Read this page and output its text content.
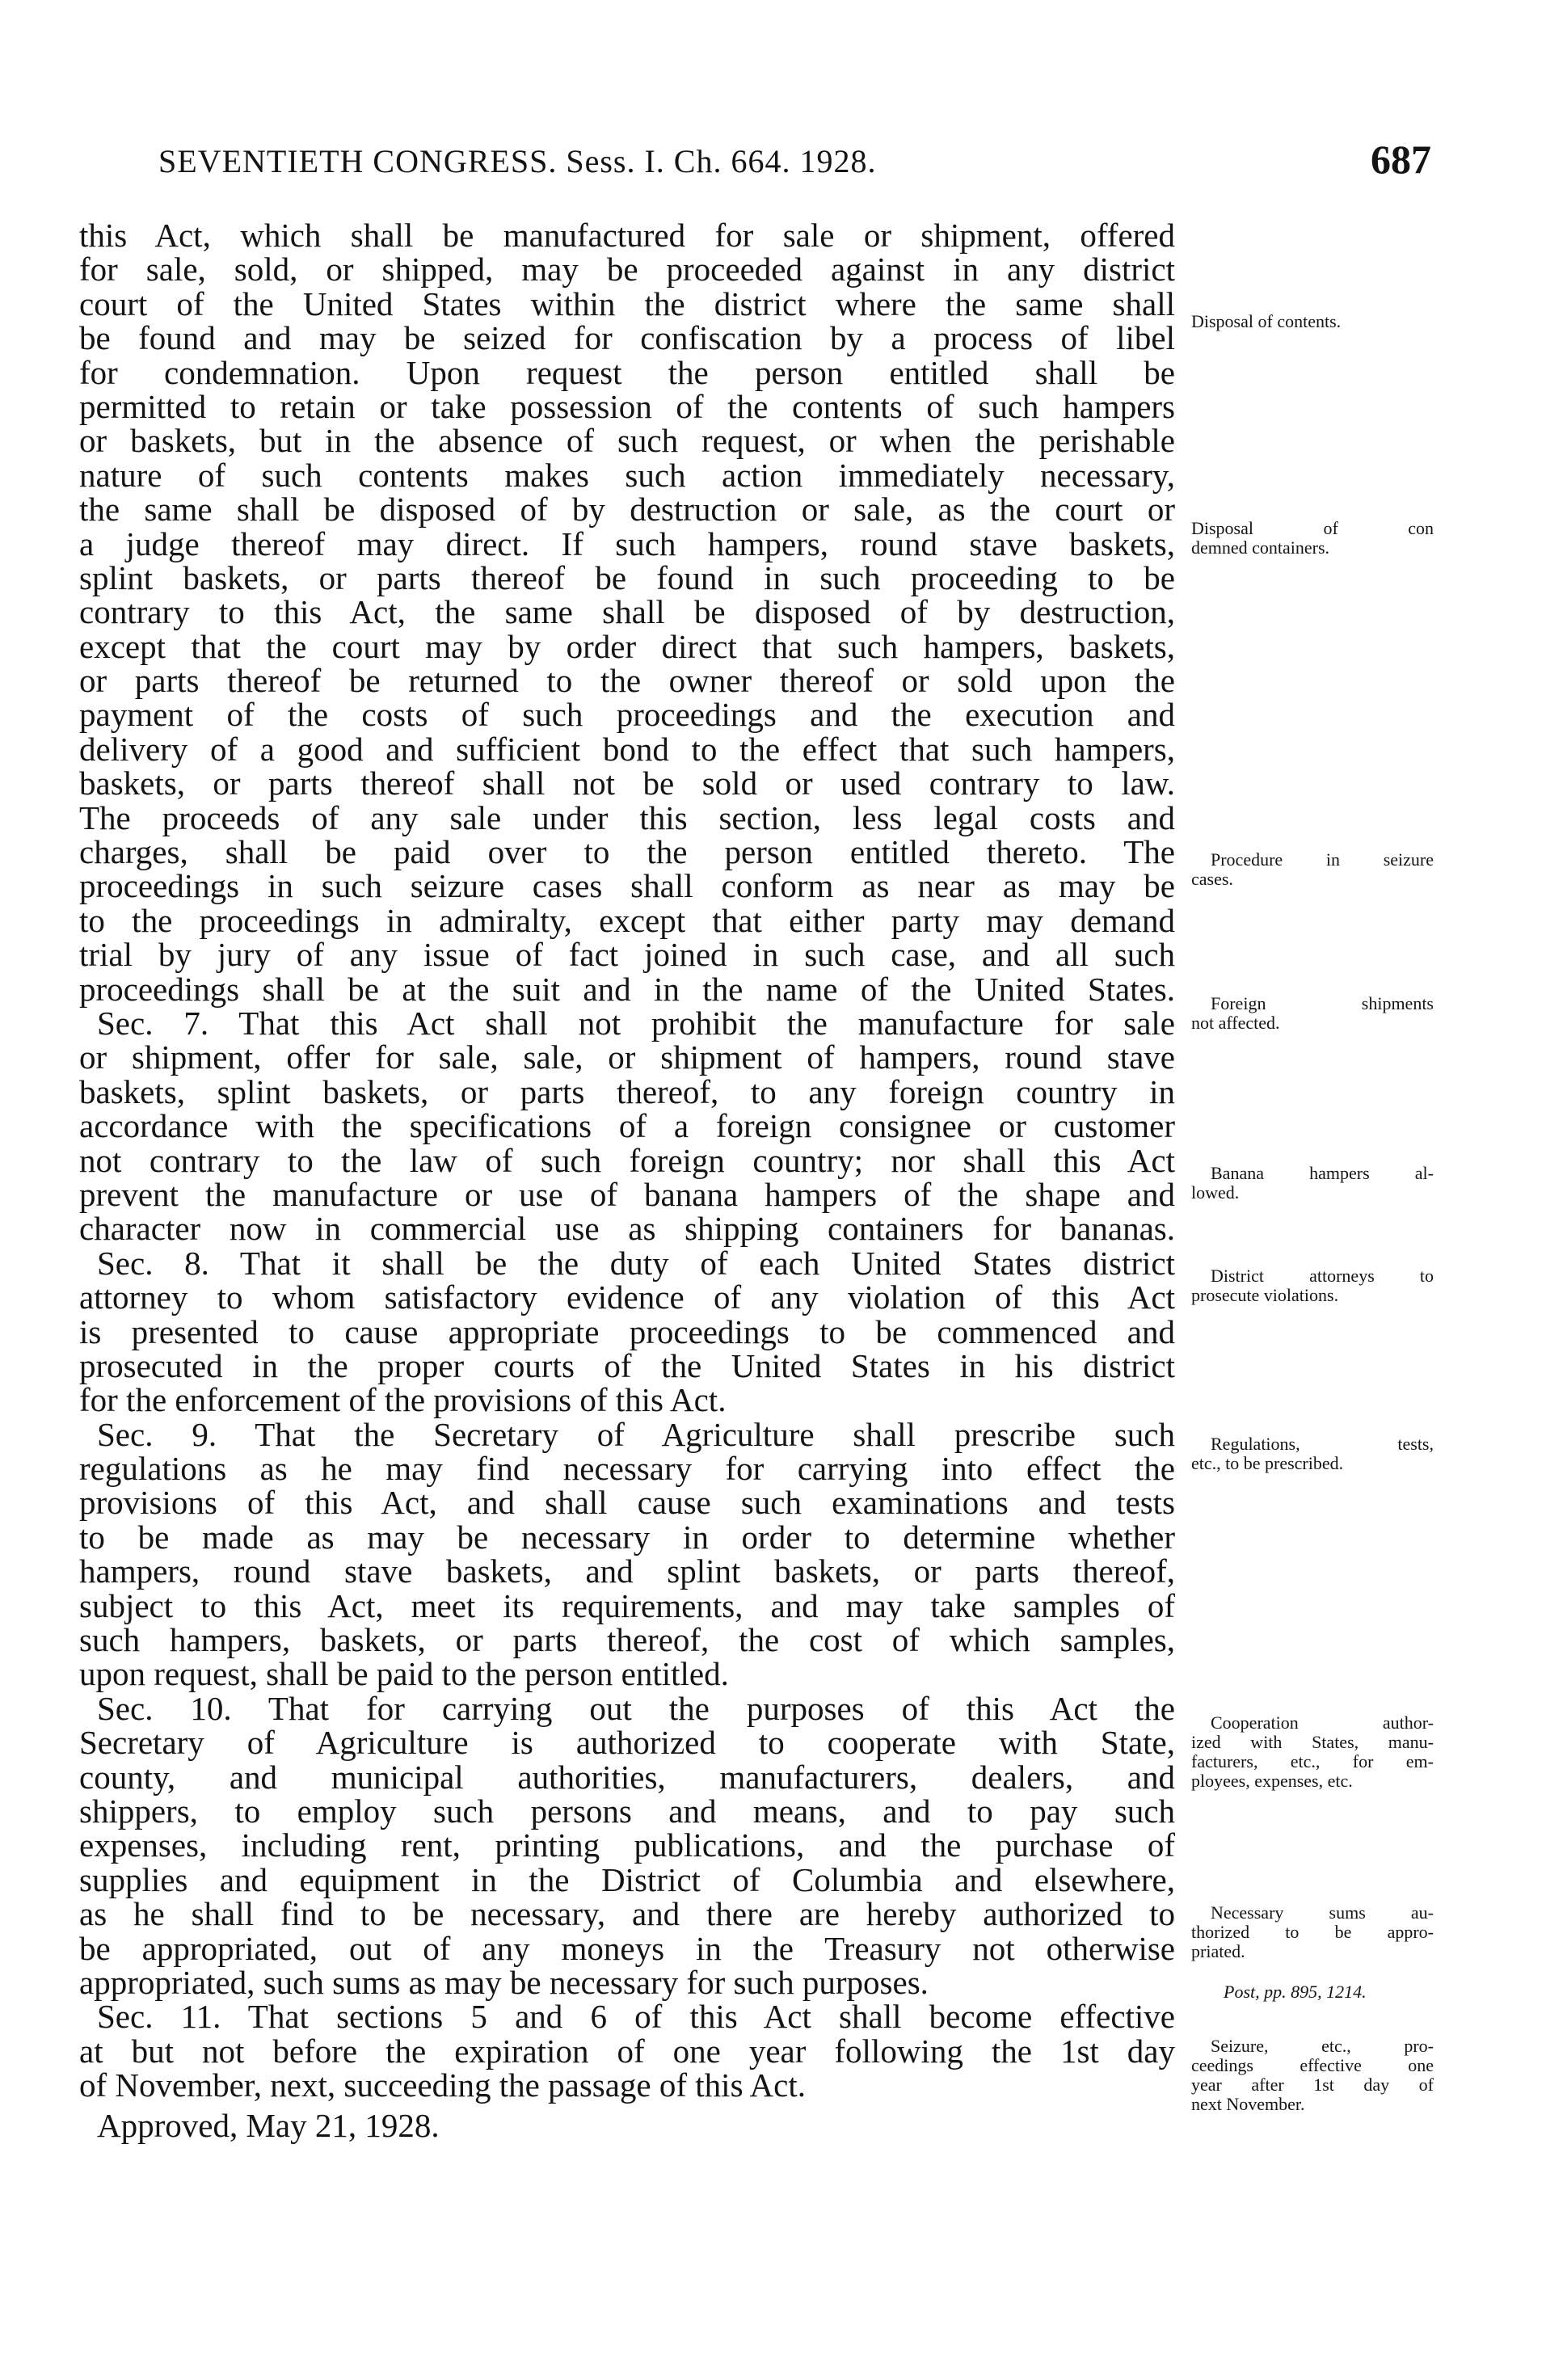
SEVENTIETH CONGRESS. Sess. I. Ch. 664. 1928.	687
this Act, which shall be manufactured for sale or shipment, offered
for sale, sold, or shipped, may be proceeded against in any district
court of the United States within the district where the same shall
be found and may be seized for confiscation by a process of libel
for condemnation. Upon request the person entitled shall be
permitted to retain or take possession of the contents of such hampers
or baskets, but in the absence of such request, or when the perishable
nature of such contents makes such action immediately necessary,
the same shall be disposed of by destruction or sale, as the court or
a judge thereof may direct. If such hampers, round stave baskets,
splint baskets, or parts thereof be found in such proceeding to be
contrary to this Act, the same shall be disposed of by destruction,
except that the court may by order direct that such hampers, baskets,
or parts thereof be returned to the owner thereof or sold upon the
payment of the costs of such proceedings and the execution and
delivery of a good and sufficient bond to the effect that such hampers,
baskets, or parts thereof shall not be sold or used contrary to law.
The proceeds of any sale under this section, less legal costs and
charges, shall be paid over to the person entitled thereto. The
proceedings in such seizure cases shall conform as near as may be
to the proceedings in admiralty, except that either party may demand
trial by jury of any issue of fact joined in such case, and all such
proceedings shall be at the suit and in the name of the United States.
Sec. 7. That this Act shall not prohibit the manufacture for sale
or shipment, offer for sale, sale, or shipment of hampers, round stave
baskets, splint baskets, or parts thereof, to any foreign country in
accordance with the specifications of a foreign consignee or customer
not contrary to the law of such foreign country; nor shall this Act
prevent the manufacture or use of banana hampers of the shape and
character now in commercial use as shipping containers for bananas.
Sec. 8. That it shall be the duty of each United States district
attorney to whom satisfactory evidence of any violation of this Act
is presented to cause appropriate proceedings to be commenced and
prosecuted in the proper courts of the United States in his district
for the enforcement of the provisions of this Act.
Sec. 9. That the Secretary of Agriculture shall prescribe such
regulations as he may find necessary for carrying into effect the
provisions of this Act, and shall cause such examinations and tests
to be made as may be necessary in order to determine whether
hampers, round stave baskets, and splint baskets, or parts thereof,
subject to this Act, meet its requirements, and may take samples of
such hampers, baskets, or parts thereof, the cost of which samples,
upon request, shall be paid to the person entitled.
Sec. 10. That for carrying out the purposes of this Act the
Secretary of Agriculture is authorized to cooperate with State,
county, and municipal authorities, manufacturers, dealers, and
shippers, to employ such persons and means, and to pay such
expenses, including rent, printing publications, and the purchase of
supplies and equipment in the District of Columbia and elsewhere,
as he shall find to be necessary, and there are hereby authorized to
be appropriated, out of any moneys in the Treasury not otherwise
appropriated, such sums as may be necessary for such purposes.
Sec. 11. That sections 5 and 6 of this Act shall become effective
at but not before the expiration of one year following the 1st day
of November, next, succeeding the passage of this Act.
Approved, May 21, 1928.
Disposal of contents.
Disposal of con
demned containers.
Procedure in seizure
cases.
Foreign shipments
not affected.
Banana hampers al-
lowed.
District attorneys to
prosecute violations.
Regulations, tests,
etc., to be prescribed.
Cooperation author-
ized with States, manu-
facturers, etc., for em-
ployees, expenses, etc.
Necessary sums au-
thorized to be appro-
priated.
Post, pp. 895, 1214.
Seizure, etc., pro-
ceedings effective one
year after 1st day of
next November.
